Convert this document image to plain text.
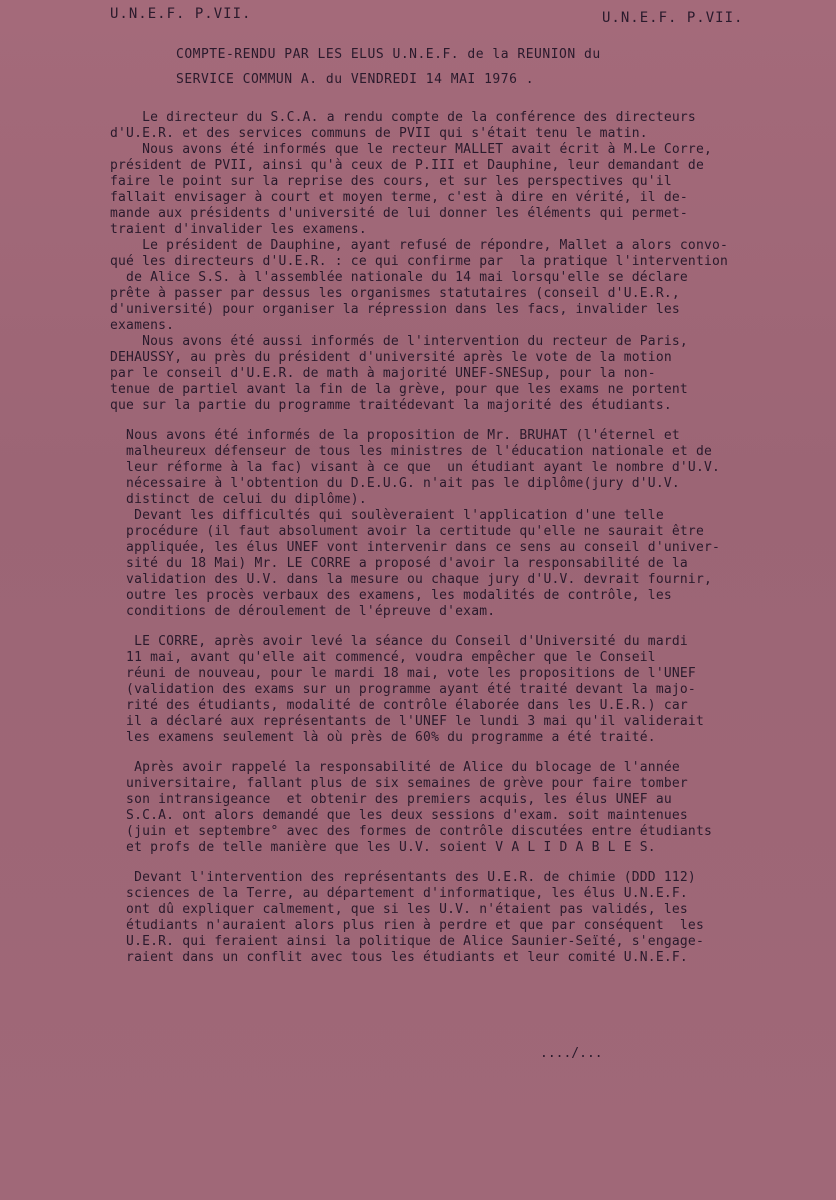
U.N.E.F. P.VII.	U.N.E.F. P.VII.
COMPTE-RENDU PAR LES ELUS U.N.E.F. de la REUNION du
SERVICE COMMUN A. du VENDREDI 14 MAI 1976 .

Le directeur du S.C.A. a rendu compte de la conférence des directeurs

d'U.E.R. et des services communs de PVII qui s'était tenu le matin.

Nous avons été informés que le recteur MALLET avait écrit à M.Le Corre,

président de PVII, ainsi qu'à ceux de P.III et Dauphine, leur demandant de

faire le point sur la reprise des cours, et sur les perspectives qu'il

fallait envisager à court et moyen terme, c'est à dire en vérité, il de-

mande aux présidents d'université de lui donner les éléments qui permet-

traient d'invalider les examens.

Le président de Dauphine, ayant refusé de répondre, Mallet a alors convo-

qué les directeurs d'U.E.R. : ce qui confirme par  la pratique l'intervention

de Alice S.S. à l'assemblée nationale du 14 mai lorsqu'elle se déclare

prête à passer par dessus les organismes statutaires (conseil d'U.E.R.,

d'université) pour organiser la répression dans les facs, invalider les

examens.

Nous avons été aussi informés de l'intervention du recteur de Paris,

DEHAUSSY, au près du président d'université après le vote de la motion

par le conseil d'U.E.R. de math à majorité UNEF-SNESup, pour la non-

tenue de partiel avant la fin de la grève, pour que les exams ne portent

que sur la partie du programme traitédevant la majorité des étudiants.

Nous avons été informés de la proposition de Mr. BRUHAT (l'éternel et

malheureux défenseur de tous les ministres de l'éducation nationale et de

leur réforme à la fac) visant à ce que  un étudiant ayant le nombre d'U.V.

nécessaire à l'obtention du D.E.U.G. n'ait pas le diplôme(jury d'U.V.

distinct de celui du diplôme).

Devant les difficultés qui soulèveraient l'application d'une telle

procédure (il faut absolument avoir la certitude qu'elle ne saurait être

appliquée, les élus UNEF vont intervenir dans ce sens au conseil d'univer-

sité du 18 Mai) Mr. LE CORRE a proposé d'avoir la responsabilité de la

validation des U.V. dans la mesure ou chaque jury d'U.V. devrait fournir,

outre les procès verbaux des examens, les modalités de contrôle, les

conditions de déroulement de l'épreuve d'exam.

LE CORRE, après avoir levé la séance du Conseil d'Université du mardi

11 mai, avant qu'elle ait commencé, voudra empêcher que le Conseil

réuni de nouveau, pour le mardi 18 mai, vote les propositions de l'UNEF

(validation des exams sur un programme ayant été traité devant la majo-

rité des étudiants, modalité de contrôle élaborée dans les U.E.R.) car

il a déclaré aux représentants de l'UNEF le lundi 3 mai qu'il validerait

les examens seulement là où près de 60% du programme a été traité.

Après avoir rappelé la responsabilité de Alice du blocage de l'année

universitaire, fallant plus de six semaines de grève pour faire tomber

son intransigeance  et obtenir des premiers acquis, les élus UNEF au

S.C.A. ont alors demandé que les deux sessions d'exam. soit maintenues

(juin et septembre° avec des formes de contrôle discutées entre étudiants

et profs de telle manière que les U.V. soient V A L I D A B L E S.

Devant l'intervention des représentants des U.E.R. de chimie (DDD 112)

sciences de la Terre, au département d'informatique, les élus U.N.E.F.

ont dû expliquer calmement, que si les U.V. n'étaient pas validés, les

étudiants n'auraient alors plus rien à perdre et que par conséquent  les

U.E.R. qui feraient ainsi la politique de Alice Saunier-Seïté, s'engage-

raient dans un conflit avec tous les étudiants et leur comité U.N.E.F.

..../...
